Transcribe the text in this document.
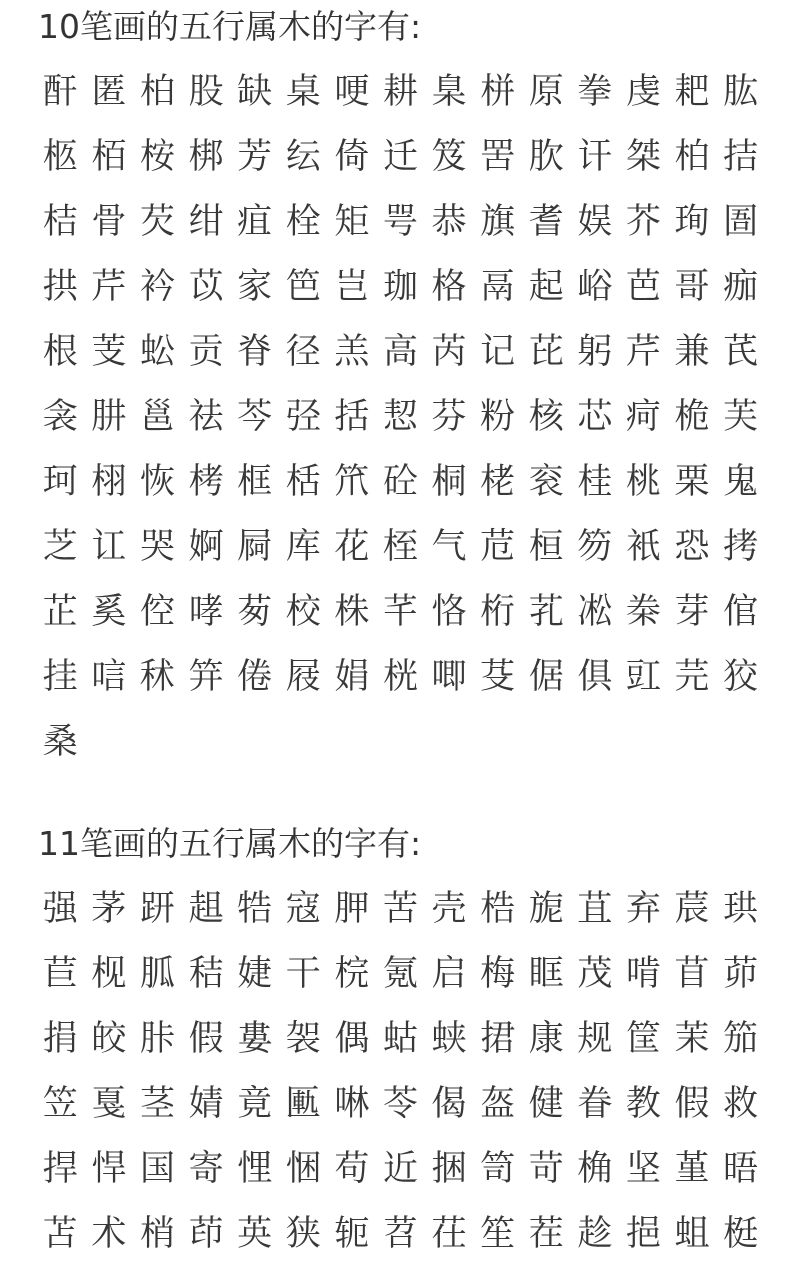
10笔画的五行属木的字有:
酐 匿 柏 股 缺 桌 哽 耕 臬 栟 原 拳 虔 耙 肱
柩 栢 桉 梆 芳 纭 倚 迁 笈 罟 肷 讦 桀 柏 拮
桔 骨 芡 绀 疽 栓 矩 咢 恭 旗 耆 娱 芥 珣 圄
拱 芹 衿 苡 家 笆 岂 珈 格 鬲 起 峪 芭 哥 痂
根 芰 蚣 贡 脊 径 羔 高 芮 记 芘 躬 芹 兼 芪
衾 肼 邕 祛 芩 弪 括 恝 芬 粉 核 芯 疴 桅 芙
珂 栩 恢 栲 框 栝 笊 砼 桐 栳 衮 桂 桃 栗 鬼
芝 讧 哭 婀 屙 库 花 桎 气 苊 桓 笏 衹 恐 拷
芷 奚 倥 哮 茐 校 株 芊 恪 桁 芤 凇 桊 芽 倌
挂 唁 秫 笄 倦 屐 娟 桄 唧 芟 倨 俱 豇 芫 狡
桑
11笔画的五行属木的字有:
强 茅 趼 趄 牿 寇 胛 苦 壳 梏 旎 苴 弃 莀 珙
苣 枧 胍 秸 婕 干 梡 氪 启 梅 眶 茂 啃 苜 茆
捐 皎 胩 假 婁 袈 偶 蛄 蛱 捃 康 规 筐 茉 笳
笠 戛 茎 婧 竟 匭 啉 苓 偈 盔 健 眷 教 假 救
捍 悍 国 寄 悝 悃 苟 近 捆 笥 苛 桷 坚 堇 晤
苫 术 梢 茚 英 狭 轭 苕 茌 笙 茬 趁 挹 蛆 梃
